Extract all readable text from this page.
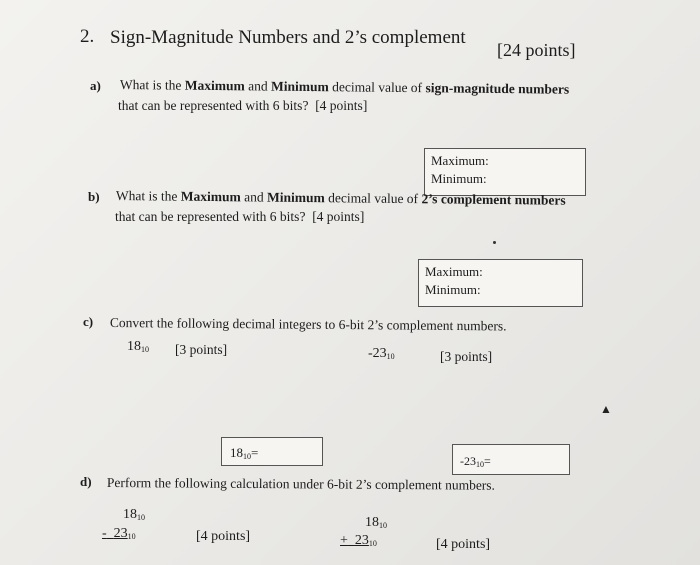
2. Sign-Magnitude Numbers and 2’s complement
[24 points]
a) What is the Maximum and Minimum decimal value of sign-magnitude numbers
that can be represented with 6 bits? [4 points]
Maximum:
Minimum:
b) What is the Maximum and Minimum decimal value of 2’s complement numbers
that can be represented with 6 bits? [4 points]
Maximum:
Minimum:
c) Convert the following decimal integers to 6-bit 2’s complement numbers.
$18_{10}$ [3 points]	$-23_{10}$	[3 points]
▲
$18_{10}=$
$-23_{10}=$
d) Perform the following calculation under 6-bit 2’s complement numbers.
$18_{10}$
- $23_{10}$	[4 points]
$18_{10}$
+ $23_{10}$	[4 points]
